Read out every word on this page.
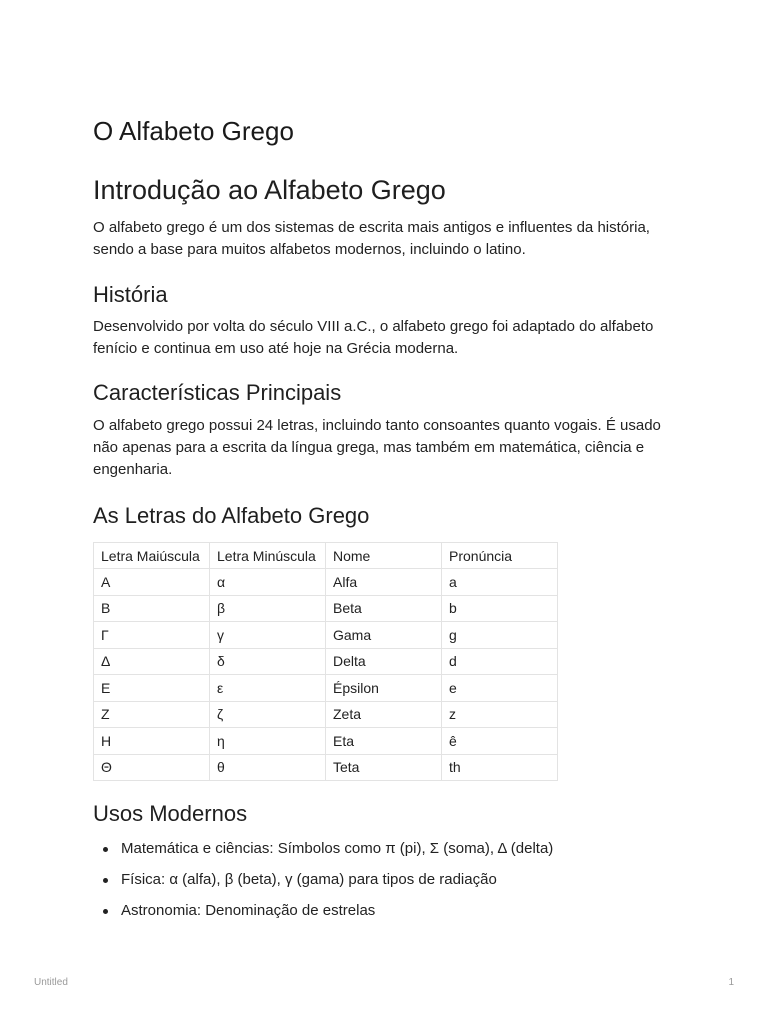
O Alfabeto Grego
Introdução ao Alfabeto Grego

O alfabeto grego é um dos sistemas de escrita mais antigos e influentes da história, sendo a base para muitos alfabetos modernos, incluindo o latino.

História

Desenvolvido por volta do século VIII a.C., o alfabeto grego foi adaptado do alfabeto fenício e continua em uso até hoje na Grécia moderna.

Características Principais

O alfabeto grego possui 24 letras, incluindo tanto consoantes quanto vogais. É usado não apenas para a escrita da língua grega, mas também em matemática, ciência e engenharia.

As Letras do Alfabeto Grego
Letra Maiúscula	Letra Minúscula	Nome	Pronúncia
Α	α	Alfa	a
Β	β	Beta	b
Γ	γ	Gama	g
Δ	δ	Delta	d
Ε	ε	Épsilon	e
Ζ	ζ	Zeta	z
Η	η	Eta	ê
Θ	θ	Teta	th
Usos Modernos
Matemática e ciências: Símbolos como π (pi), Σ (soma), Δ (delta)
Física: α (alfa), β (beta), γ (gama) para tipos de radiação
Astronomia: Denominação de estrelas
Untitled	1
